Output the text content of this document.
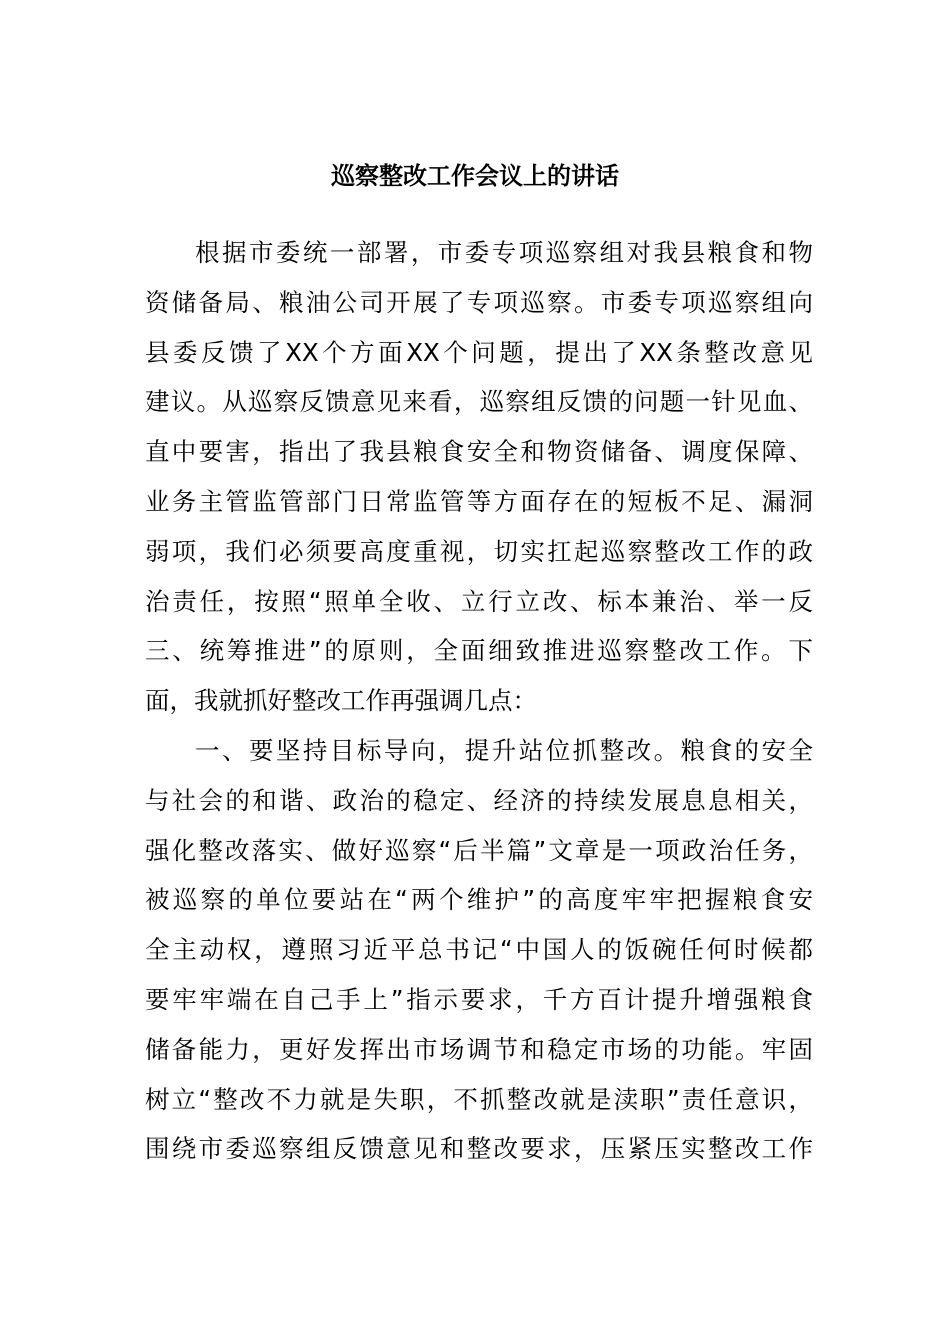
巡察整改工作会议上的讲话
根据市委统一部署，市委专项巡察组对我县粮食和物
资储备局、粮油公司开展了专项巡察。市委专项巡察组向
县委反馈了XX个方面XX个问题，提出了XX条整改意见
建议。从巡察反馈意见来看，巡察组反馈的问题一针见血、
直中要害，指出了我县粮食安全和物资储备、调度保障、
业务主管监管部门日常监管等方面存在的短板不足、漏洞
弱项，我们必须要高度重视，切实扛起巡察整改工作的政
治责任，按照“照单全收、立行立改、标本兼治、举一反
三、统筹推进”的原则，全面细致推进巡察整改工作。下
面，我就抓好整改工作再强调几点：
一、要坚持目标导向，提升站位抓整改。粮食的安全
与社会的和谐、政治的稳定、经济的持续发展息息相关，
强化整改落实、做好巡察“后半篇”文章是一项政治任务，
被巡察的单位要站在“两个维护”的高度牢牢把握粮食安
全主动权，遵照习近平总书记“中国人的饭碗任何时候都
要牢牢端在自己手上”指示要求，千方百计提升增强粮食
储备能力，更好发挥出市场调节和稳定市场的功能。牢固
树立“整改不力就是失职，不抓整改就是渎职”责任意识，
围绕市委巡察组反馈意见和整改要求，压紧压实整改工作
